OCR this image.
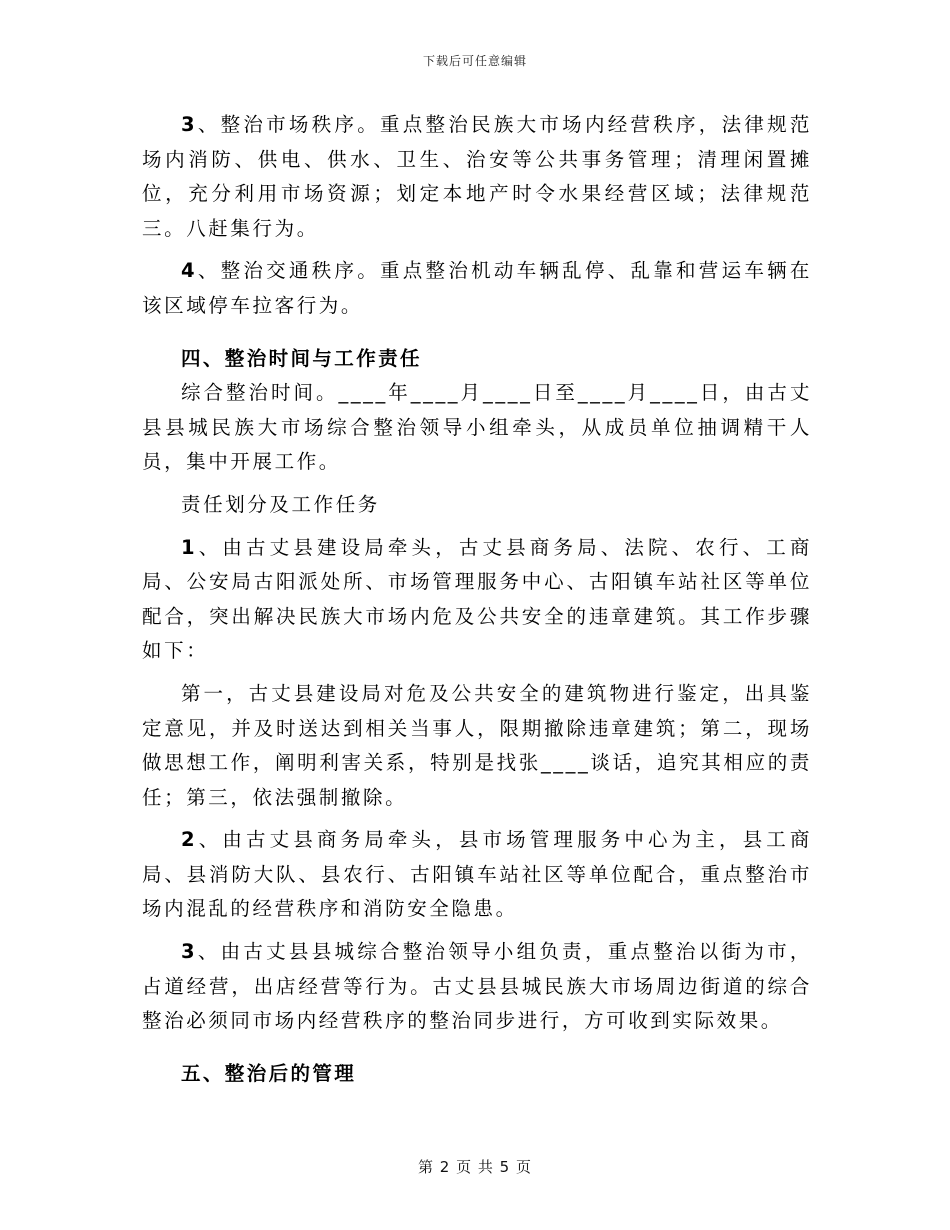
下载后可任意编辑

3、整治市场秩序。重点整治民族大市场内经营秩序，法律规范场内消防、供电、供水、卫生、治安等公共事务管理；清理闲置摊位，充分利用市场资源；划定本地产时令水果经营区域；法律规范三。八赶集行为。

4、整治交通秩序。重点整治机动车辆乱停、乱靠和营运车辆在该区域停车拉客行为。

四、整治时间与工作责任

综合整治时间。____年____月____日至____月____日，由古丈县县城民族大市场综合整治领导小组牵头，从成员单位抽调精干人员，集中开展工作。

责任划分及工作任务

1、由古丈县建设局牵头，古丈县商务局、法院、农行、工商局、公安局古阳派处所、市场管理服务中心、古阳镇车站社区等单位配合，突出解决民族大市场内危及公共安全的违章建筑。其工作步骤如下：

第一，古丈县建设局对危及公共安全的建筑物进行鉴定，出具鉴定意见，并及时送达到相关当事人，限期撤除违章建筑；第二，现场做思想工作，阐明利害关系，特别是找张____谈话，追究其相应的责任；第三，依法强制撤除。

2、由古丈县商务局牵头，县市场管理服务中心为主，县工商局、县消防大队、县农行、古阳镇车站社区等单位配合，重点整治市场内混乱的经营秩序和消防安全隐患。

3、由古丈县县城综合整治领导小组负责，重点整治以街为市，占道经营，出店经营等行为。古丈县县城民族大市场周边街道的综合整治必须同市场内经营秩序的整治同步进行，方可收到实际效果。

五、整治后的管理

第 2 页 共 5 页
